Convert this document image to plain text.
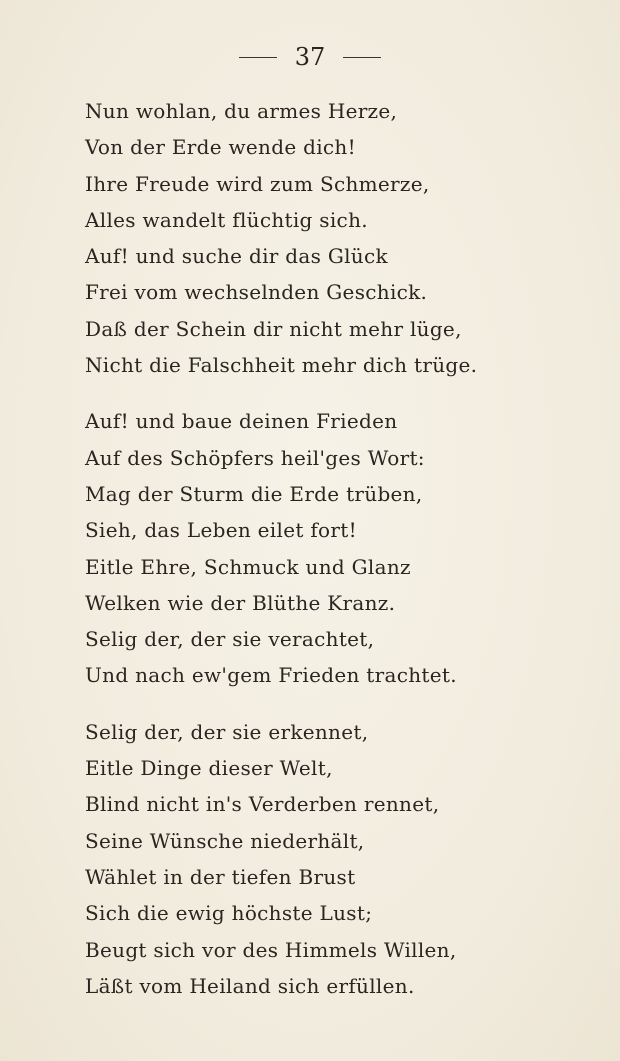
37
Nun wohlan, du armes Herze,
Von der Erde wende dich!
Ihre Freude wird zum Schmerze,
Alles wandelt flüchtig sich.
Auf! und suche dir das Glück
Frei vom wechselnden Geschick.
Daß der Schein dir nicht mehr lüge,
Nicht die Falschheit mehr dich trüge.
Auf! und baue deinen Frieden
Auf des Schöpfers heil'ges Wort:
Mag der Sturm die Erde trüben,
Sieh, das Leben eilet fort!
Eitle Ehre, Schmuck und Glanz
Welken wie der Blüthe Kranz.
Selig der, der sie verachtet,
Und nach ew'gem Frieden trachtet.
Selig der, der sie erkennet,
Eitle Dinge dieser Welt,
Blind nicht in's Verderben rennet,
Seine Wünsche niederhält,
Wählet in der tiefen Brust
Sich die ewig höchste Lust;
Beugt sich vor des Himmels Willen,
Läßt vom Heiland sich erfüllen.
